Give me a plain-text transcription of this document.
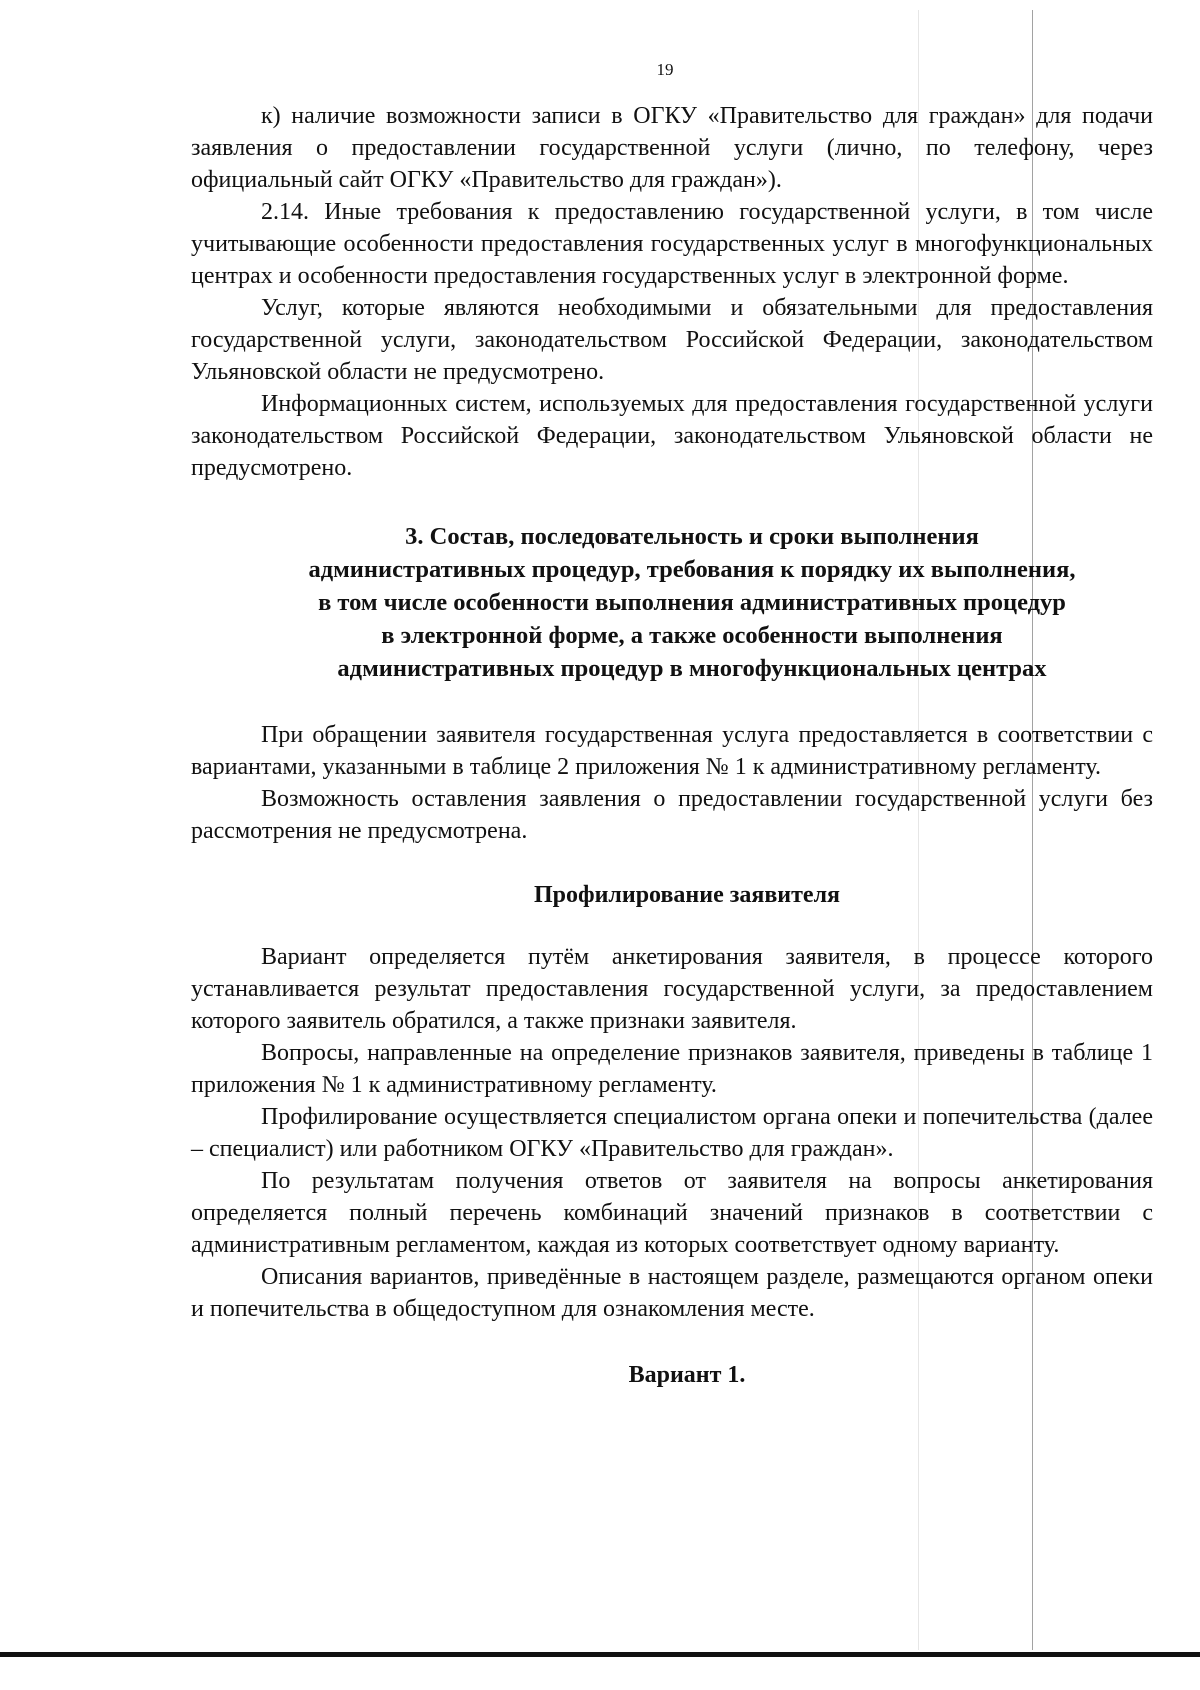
19

к) наличие возможности записи в ОГКУ «Правительство для граждан» для подачи заявления о предоставлении государственной услуги (лично, по телефону, через официальный сайт ОГКУ «Правительство для граждан»).

2.14. Иные требования к предоставлению государственной услуги, в том числе учитывающие особенности предоставления государственных услуг в многофункциональных центрах и особенности предоставления государственных услуг в электронной форме.

Услуг, которые являются необходимыми и обязательными для предоставления государственной услуги, законодательством Российской Федерации, законодательством Ульяновской области не предусмотрено.

Информационных систем, используемых для предоставления государственной услуги законодательством Российской Федерации, законодательством Ульяновской области не предусмотрено.

3. Состав, последовательность и сроки выполнения
административных процедур, требования к порядку их выполнения,
в том числе особенности выполнения административных процедур
в электронной форме, а также особенности выполнения
административных процедур в многофункциональных центрах

При обращении заявителя государственная услуга предоставляется в соответствии с вариантами, указанными в таблице 2 приложения № 1 к административному регламенту.

Возможность оставления заявления о предоставлении государственной услуги без рассмотрения не предусмотрена.

Профилирование заявителя

Вариант определяется путём анкетирования заявителя, в процессе которого устанавливается результат предоставления государственной услуги, за предоставлением которого заявитель обратился, а также признаки заявителя.

Вопросы, направленные на определение признаков заявителя, приведены в таблице 1 приложения № 1 к административному регламенту.

Профилирование осуществляется специалистом органа опеки и попечительства (далее – специалист) или работником ОГКУ «Правительство для граждан».

По результатам получения ответов от заявителя на вопросы анкетирования определяется полный перечень комбинаций значений признаков в соответствии с административным регламентом, каждая из которых соответствует одному варианту.

Описания вариантов, приведённые в настоящем разделе, размещаются органом опеки и попечительства в общедоступном для ознакомления месте.

Вариант 1.
